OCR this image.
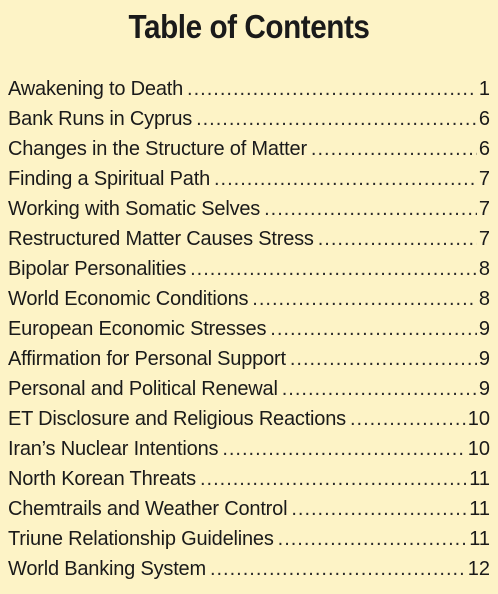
Table of Contents
Awakening to Death .....	1
Bank Runs in Cyprus .....	6
Changes in the Structure of Matter .....	6
Finding a Spiritual Path .....	7
Working with Somatic Selves .....	7
Restructured Matter Causes Stress .....	7
Bipolar Personalities .....	8
World Economic Conditions .....	8
European Economic Stresses .....	9
Affirmation for Personal Support .....	9
Personal and Political Renewal .....	9
ET Disclosure and Religious Reactions .....	10
Iran’s Nuclear Intentions .....	10
North Korean Threats .....	11
Chemtrails and Weather Control .....	11
Triune Relationship Guidelines .....	11
World Banking System .....	12
